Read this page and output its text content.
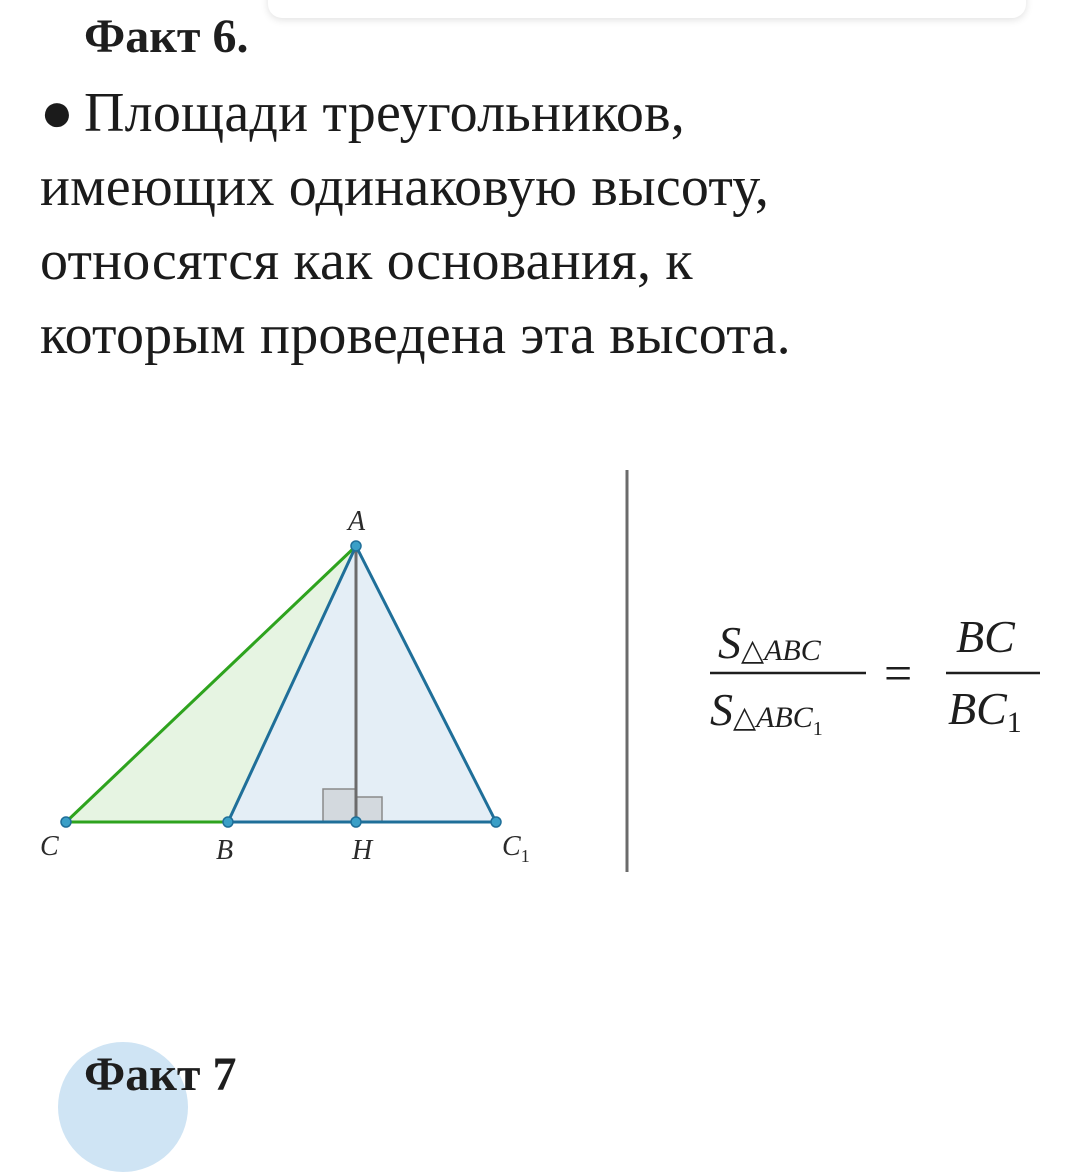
Факт 6.
● Площади треугольников,
имеющих одинаковую высоту,
относятся как основания, к
которым проведена эта высота.
A
C	B	H	$C_1$
S△ABC
S△ABC1
=
BC
BC1
Факт 7
